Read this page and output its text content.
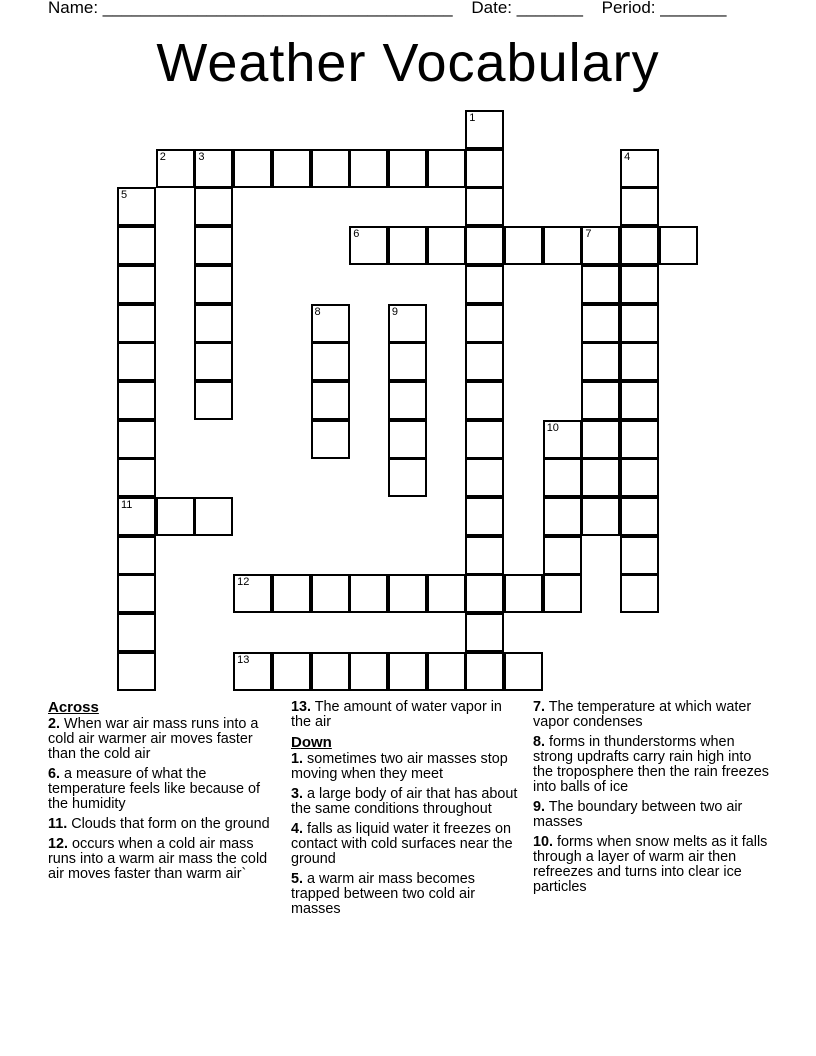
Name: _____________________________________ Date: _______ Period: _______
Weather Vocabulary
1
2	3	4
5
6	7
8	9
10
11
12
13
Across
2. When war air mass runs into a cold air warmer air moves faster than the cold air
6. a measure of what the temperature feels like because of the humidity
11. Clouds that form on the ground
12. occurs when a cold air mass runs into a warm air mass the cold air moves faster than warm air`
13. The amount of water vapor in the air
Down
1. sometimes two air masses stop moving when they meet
3. a large body of air that has about the same conditions throughout
4. falls as liquid water it freezes on contact with cold surfaces near the ground
5. a warm air mass becomes trapped between two cold air masses
7. The temperature at which water vapor condenses
8. forms in thunderstorms when strong updrafts carry rain high into the troposphere then the rain freezes into balls of ice
9. The boundary between two air masses
10. forms when snow melts as it falls through a layer of warm air then refreezes and turns into clear ice particles
